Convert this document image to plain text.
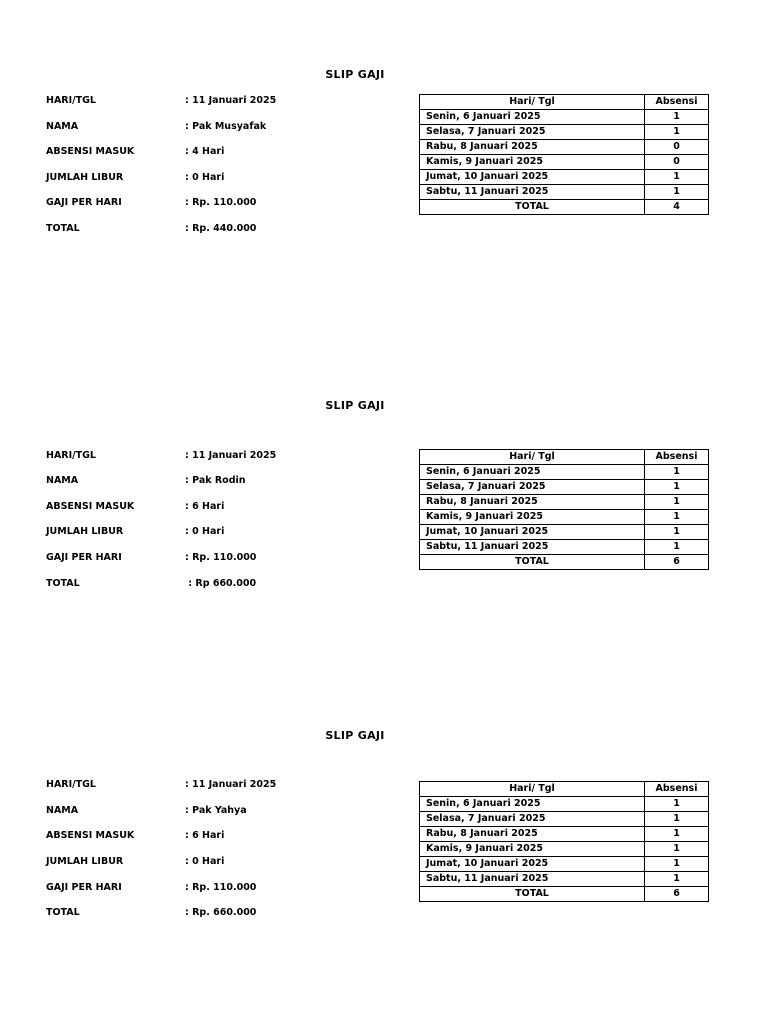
SLIP GAJI
HARI/TGL	: 11 Januari 2025
NAMA	: Pak Musyafak
ABSENSI MASUK	: 4 Hari
JUMLAH LIBUR	: 0 Hari
GAJI PER HARI	: Rp. 110.000
TOTAL	: Rp. 440.000
Hari/ Tgl	Absensi
Senin, 6 Januari 2025	1
Selasa, 7 Januari 2025	1
Rabu, 8 Januari 2025	0
Kamis, 9 Januari 2025	0
Jumat, 10 Januari 2025	1
Sabtu, 11 Januari 2025	1
TOTAL	4
SLIP GAJI
HARI/TGL	: 11 Januari 2025
NAMA	: Pak Rodin
ABSENSI MASUK	: 6 Hari
JUMLAH LIBUR	: 0 Hari
GAJI PER HARI	: Rp. 110.000
TOTAL	: Rp 660.000
Hari/ Tgl	Absensi
Senin, 6 Januari 2025	1
Selasa, 7 Januari 2025	1
Rabu, 8 Januari 2025	1
Kamis, 9 Januari 2025	1
Jumat, 10 Januari 2025	1
Sabtu, 11 Januari 2025	1
TOTAL	6
SLIP GAJI
HARI/TGL	: 11 Januari 2025
NAMA	: Pak Yahya
ABSENSI MASUK	: 6 Hari
JUMLAH LIBUR	: 0 Hari
GAJI PER HARI	: Rp. 110.000
TOTAL	: Rp. 660.000
Hari/ Tgl	Absensi
Senin, 6 Januari 2025	1
Selasa, 7 Januari 2025	1
Rabu, 8 Januari 2025	1
Kamis, 9 Januari 2025	1
Jumat, 10 Januari 2025	1
Sabtu, 11 Januari 2025	1
TOTAL	6
